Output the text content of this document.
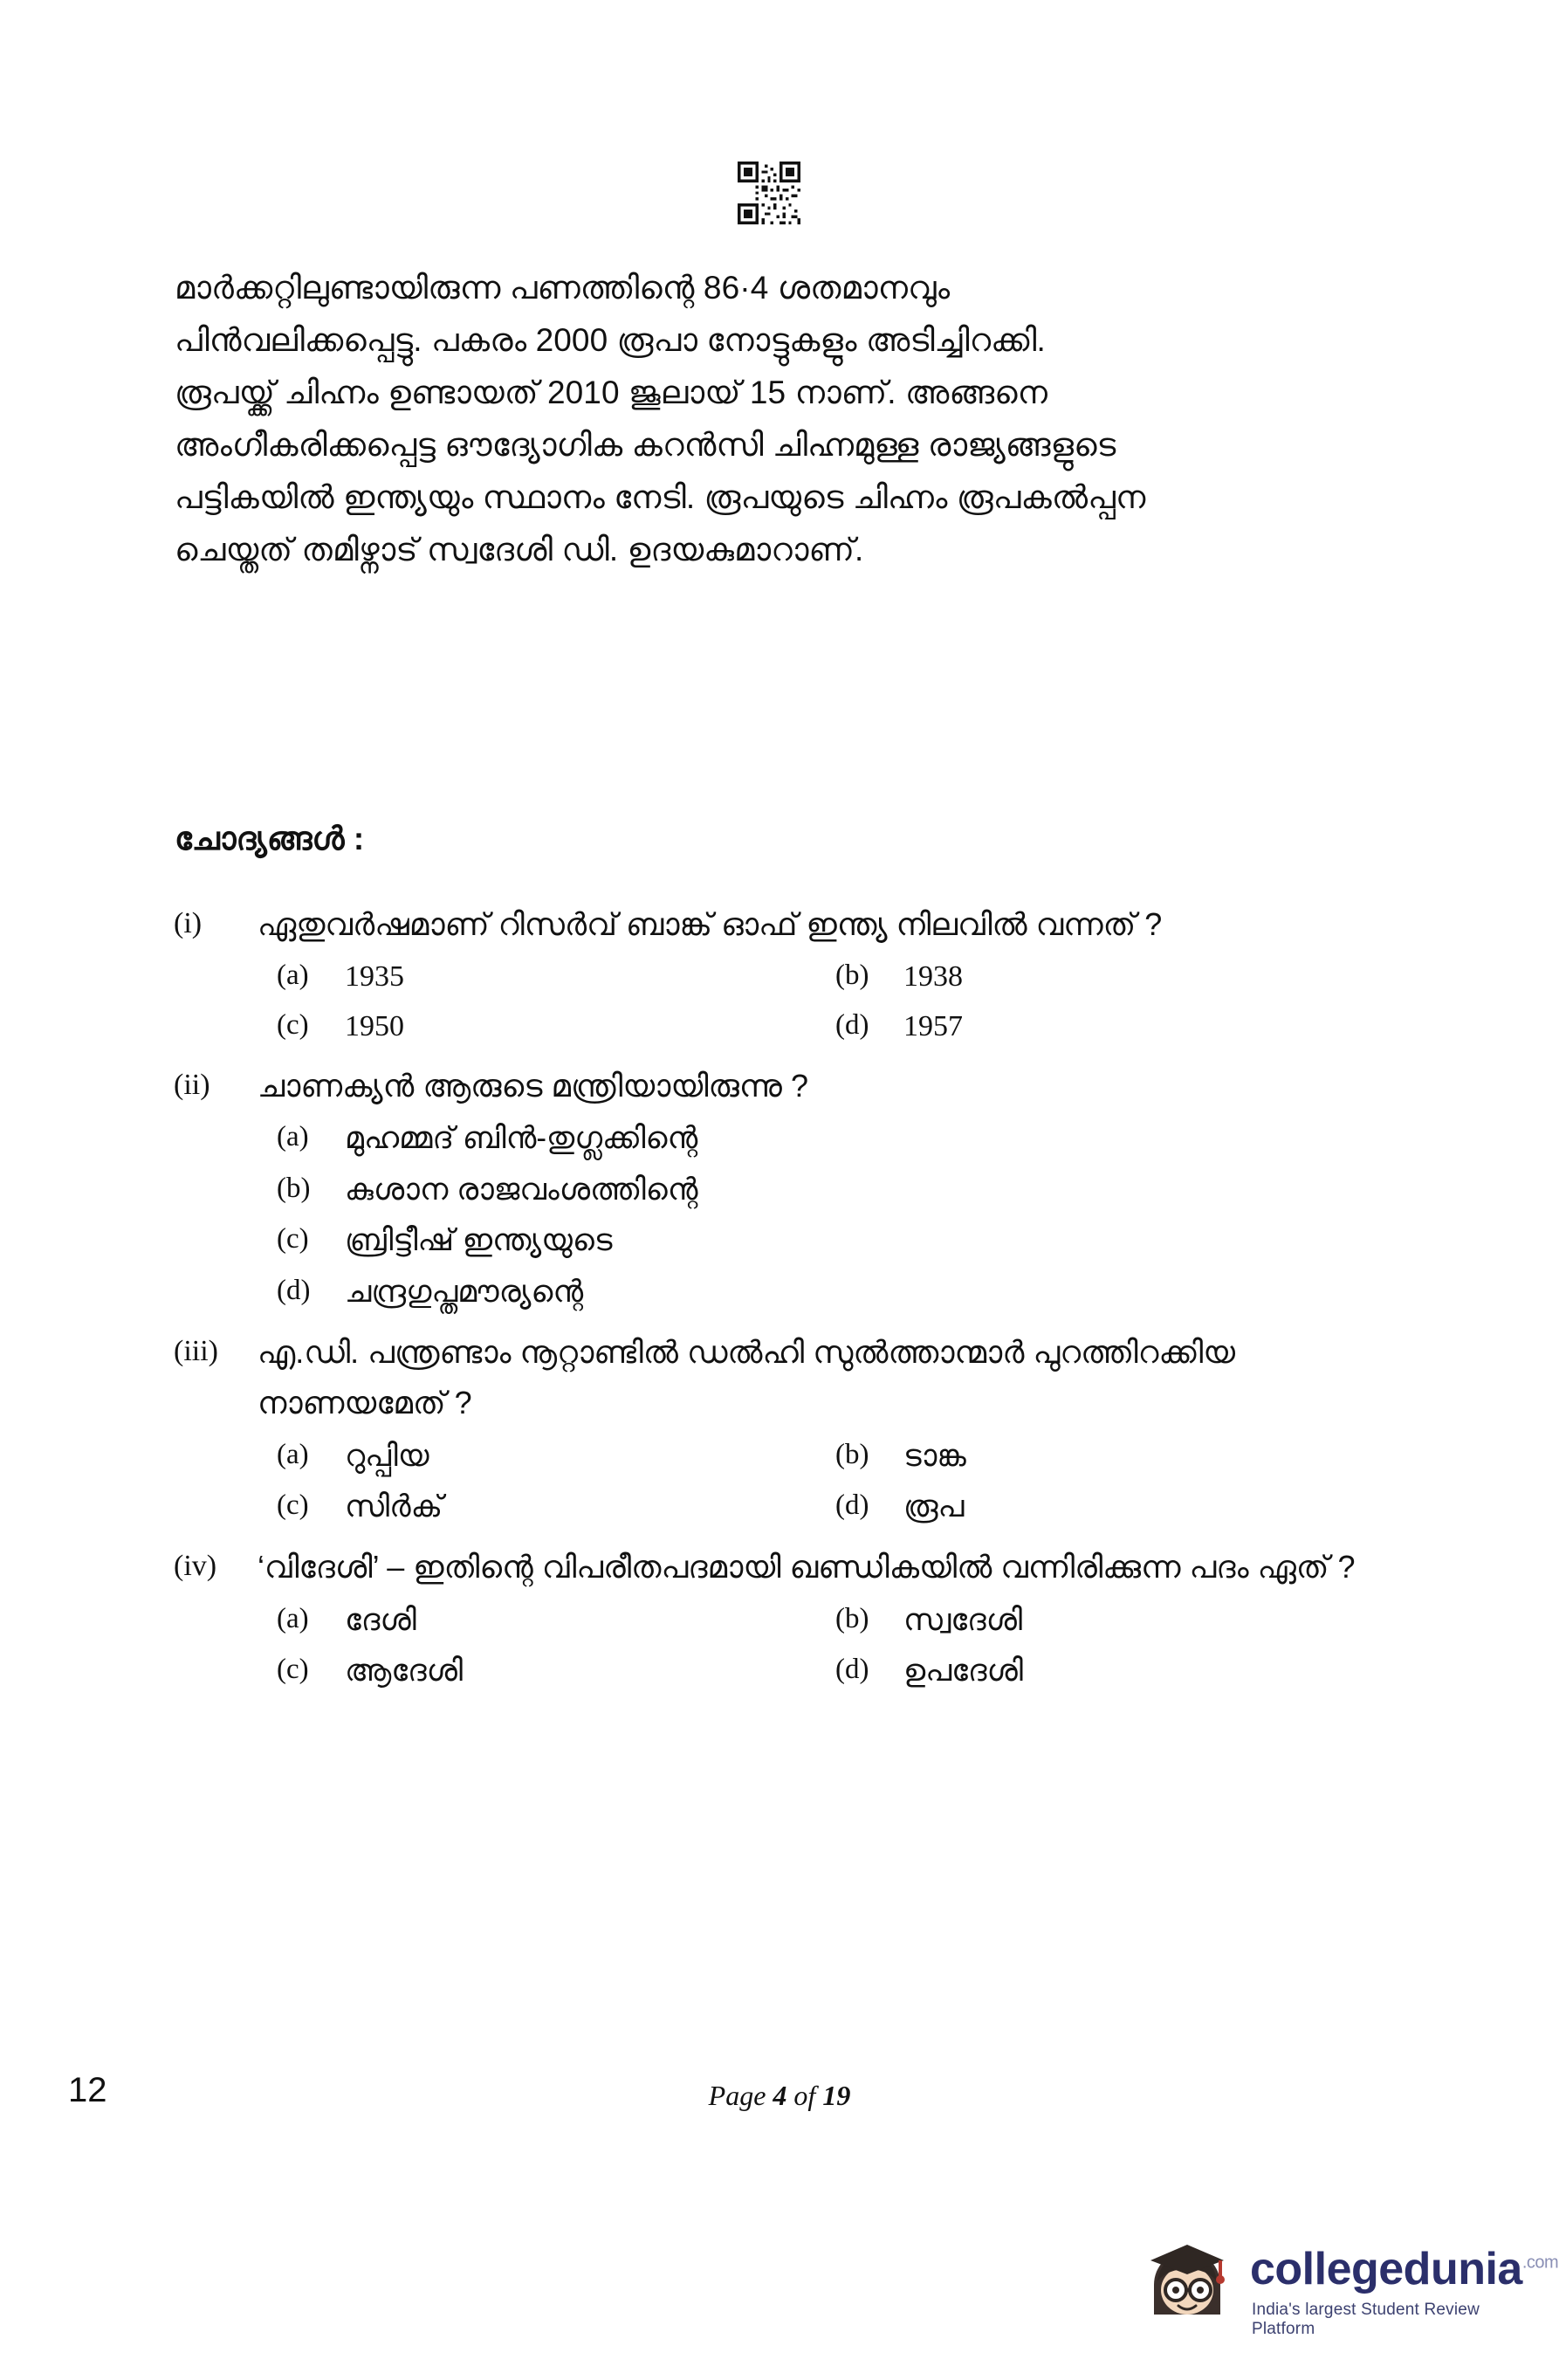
മാർക്കറ്റിലുണ്ടായിരുന്ന പണത്തിന്റെ 86·4 ശതമാനവും

പിൻവലിക്കപ്പെട്ടു. പകരം 2000 രൂപാ നോട്ടുകളും അടിച്ചിറക്കി.

രൂപയ്ക്ക് ചിഹ്നം ഉണ്ടായത് 2010 ജൂലായ് 15 നാണ്. അങ്ങനെ

അംഗീകരിക്കപ്പെട്ട ഔദ്യോഗിക കറൻസി ചിഹ്നമുള്ള രാജ്യങ്ങളുടെ

പട്ടികയിൽ ഇന്ത്യയും സ്ഥാനം നേടി. രൂപയുടെ ചിഹ്നം രൂപകൽപ്പന

ചെയ്തത് തമിഴ്നാട് സ്വദേശി ഡി. ഉദയകുമാറാണ്.

ചോദ്യങ്ങൾ :
(i)	ഏതുവർഷമാണ് റിസർവ് ബാങ്ക് ഓഫ് ഇന്ത്യ നിലവിൽ വന്നത് ?
(a)	1935	(b)	1938
(c)	1950	(d)	1957
(ii)	ചാണക്യൻ ആരുടെ മന്ത്രിയായിരുന്നു ?
(a)	മുഹമ്മദ് ബിൻ-തുഗ്ലക്കിന്റെ
(b)	കുശാന രാജവംശത്തിന്റെ
(c)	ബ്രിട്ടീഷ് ഇന്ത്യയുടെ
(d)	ചന്ദ്രഗുപ്തമൗര്യന്റെ
(iii)	എ.ഡി. പന്ത്രണ്ടാം നൂറ്റാണ്ടിൽ ഡൽഹി സുൽത്താന്മാർ പുറത്തിറക്കിയ നാണയമേത് ?
(a)	റുപ്പിയ	(b)	ടാങ്ക
(c)	സിർക്	(d)	രൂപ
(iv)	‘വിദേശി’ – ഇതിന്റെ വിപരീതപദമായി ഖണ്ഡികയിൽ വന്നിരിക്കുന്ന പദം ഏത് ?
(a)	ദേശി	(b)	സ്വദേശി
(c)	ആദേശി	(d)	ഉപദേശി
12	Page 4 of 19
collegedunia$^{.com}$
India's largest Student Review Platform
